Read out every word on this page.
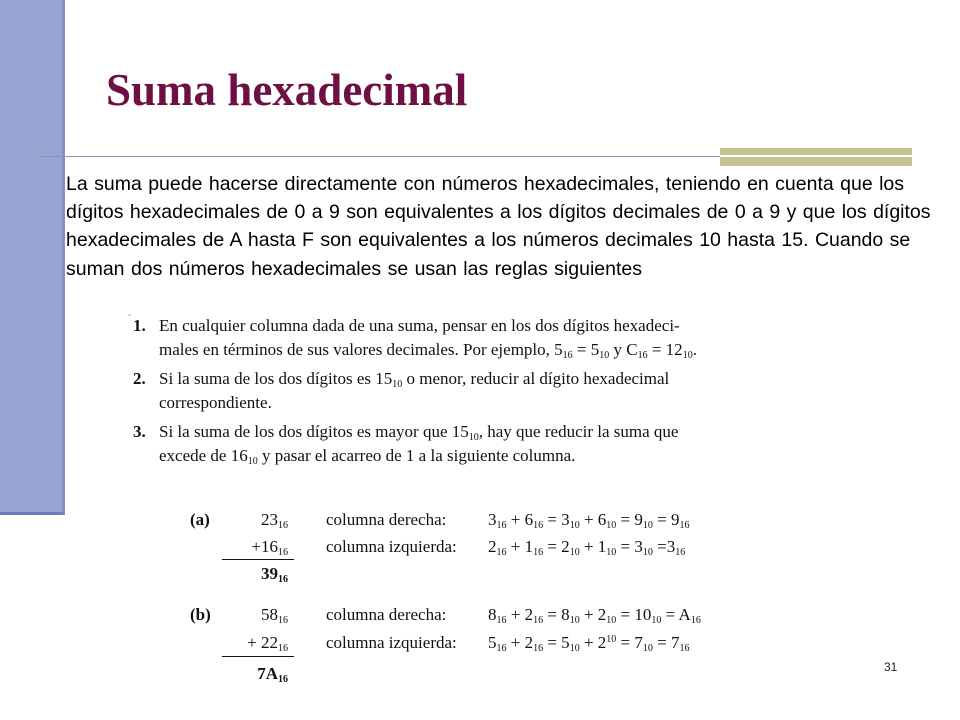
Suma hexadecimal

La suma puede hacerse directamente con números hexadecimales, teniendo en cuenta que los dígitos hexadecimales de 0 a 9 son equivalentes a los dígitos decimales de 0 a 9 y que los dígitos hexadecimales de A hasta F son equivalentes a los números decimales 10 hasta 15. Cuando se suman dos números hexadecimales se usan las reglas siguientes

-
1. En cualquier columna dada de una suma, pensar en los dos dígitos hexadeci-
males en términos de sus valores decimales. Por ejemplo, $5_{16} = 5_{10}$ y $C_{16} = 12_{10}$.
2. Si la suma de los dos dígitos es $15_{10}$ o menor, reducir al dígito hexadecimal
correspondiente.
3. Si la suma de los dos dígitos es mayor que $15_{10}$, hay que reducir la suma que
excede de $16_{10}$ y pasar el acarreo de 1 a la siguiente columna.
(a)	$23_{16}$
$+16_{16}$
$39_{16}$
columna derecha: $3_{16} + 6_{16} = 3_{10} + 6_{10} = 9_{10} = 9_{16}$
columna izquierda: $2_{16} + 1_{16} = 2_{10} + 1_{10} = 3_{10} =3_{16}$
(b)	$58_{16}$
+ $22_{16}$
$7A_{16}$
columna derecha: $8_{16} + 2_{16} = 8_{10} + 2_{10} = 10_{10} = A_{16}$
columna izquierda: $5_{16} + 2_{16} = 5_{10} + 2^{10} = 7_{10} = 7_{16}$
31
